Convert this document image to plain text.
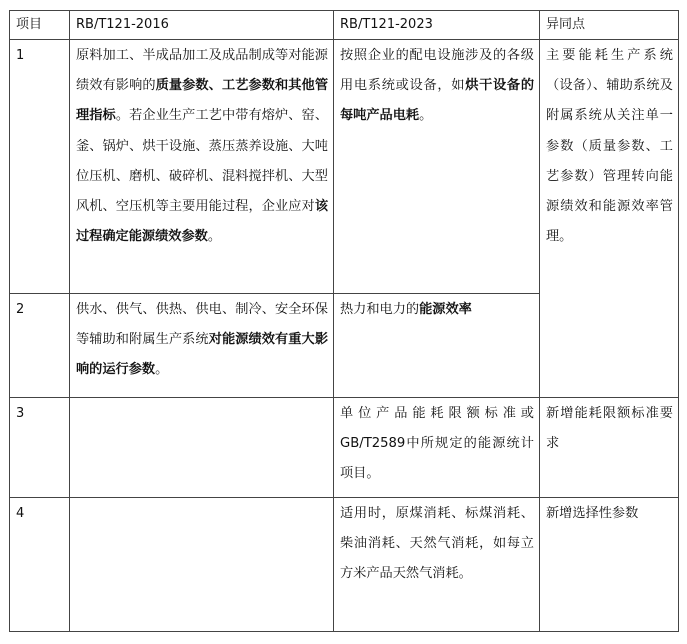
项目	RB/T121-2016	RB/T121-2023	异同点
1	原料加工、半成品加工及成品制成等对能源绩效有影响的质量参数、工艺参数和其他管理指标。若企业生产工艺中带有熔炉、窑、釜、锅炉、烘干设施、蒸压蒸养设施、大吨位压机、磨机、破碎机、混料搅拌机、大型风机、空压机等主要用能过程，企业应对该过程确定能源绩效参数。	按照企业的配电设施涉及的各级用电系统或设备，如烘干设备的每吨产品电耗。	主要能耗生产系统（设备）、辅助系统及附属系统从关注单一参数（质量参数、工艺参数）管理转向能源绩效和能源效率管理。

2	供水、供气、供热、供电、制冷、安全环保等辅助和附属生产系统对能源绩效有重大影响的运行参数。	热力和电力的能源效率	

3		单位产品能耗限额标准或GB/T2589中所规定的能源统计项目。	新增能耗限额标准要求

4		适用时，原煤消耗、标煤消耗、柴油消耗、天然气消耗，如每立方米产品天然气消耗。	新增选择性参数
